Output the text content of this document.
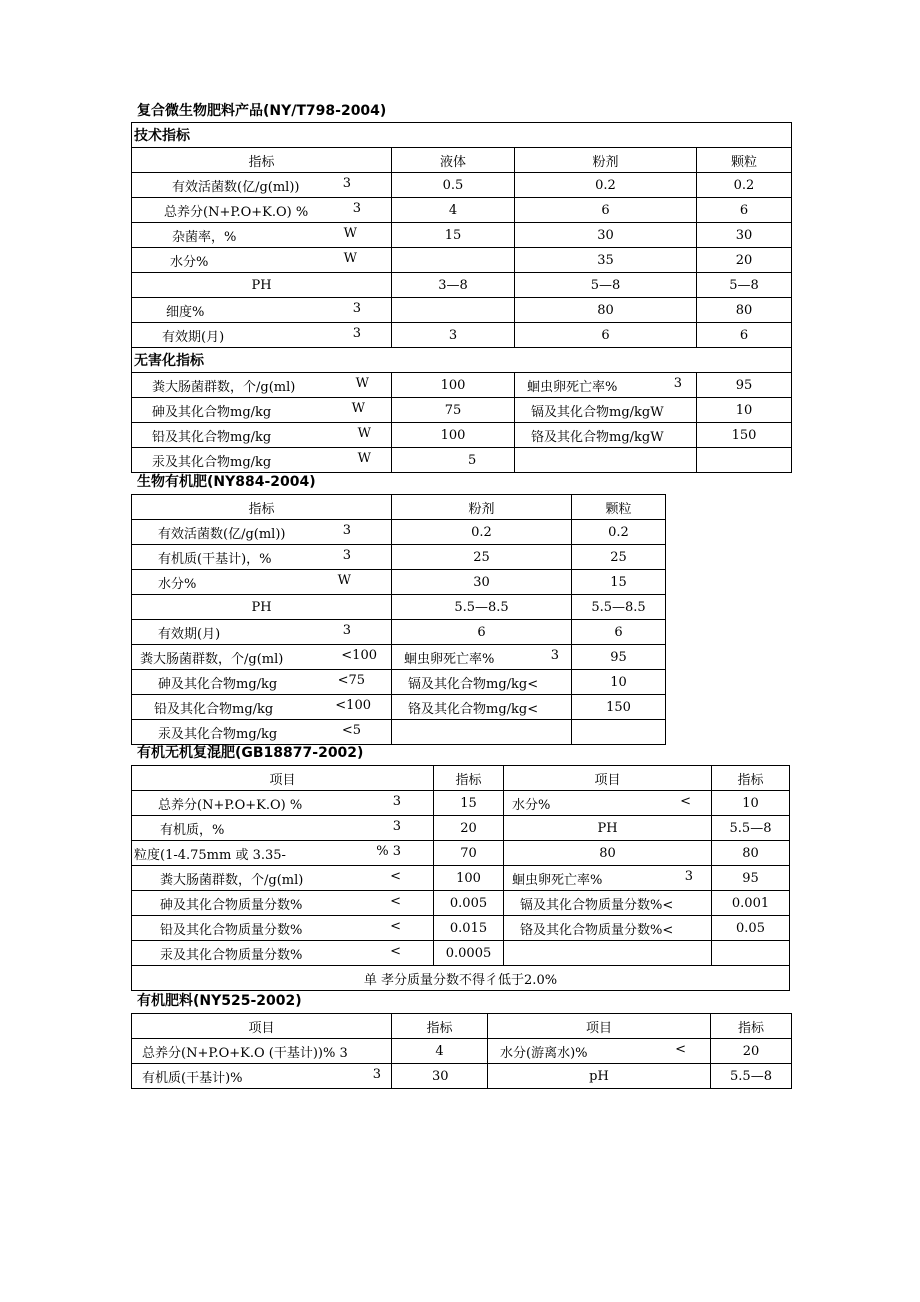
复合微生物肥料产品(NY/T798-2004)
技术指标			
指标	液体	粉剂	颗粒

有效活菌数(亿/g(ml)) 3	0.5	0.2	0.2

总养分(N+P.O+K.O) % 3	4	6	6

杂菌率，% W	15	30	30

水分% W		35	20
PH	3—8	5—8	5—8

细度% 3		80	80

有效期(月) 3	3	6	6
无害化指标			

粪大肠菌群数，个/g(ml) W	100	蛔虫卵死亡率% 3	95

砷及其化合物mg/kg W	75	镉及其化合物mg/kgW	10

铅及其化合物mg/kg W	100	铬及其化合物mg/kgW	150

汞及其化合物mg/kg W	5		
生物有机肥(NY884-2004)
指标	粉剂	颗粒

有效活菌数(亿/g(ml)) 3	0.2	0.2

有机质(干基计)，% 3	25	25

水分% W	30	15
PH	5.5—8.5	5.5—8.5

有效期(月) 3	6	6

粪大肠菌群数，个/g(ml) <100	蛔虫卵死亡率% 3	95

砷及其化合物mg/kg <75	镉及其化合物mg/kg<	10

铅及其化合物mg/kg <100	铬及其化合物mg/kg<	150

汞及其化合物mg/kg <5		

有机无机复混肥(GB18877-2002)
项目	指标	项目	指标

总养分(N+P.O+K.O) % 3	15	水分% <	10

有机质，% 3	20	PH	5.5—8

粒度(1-4.75mm 或 3.35- % 3	70	80	80

粪大肠菌群数，个/g(ml) <	100	蛔虫卵死亡率% 3	95

砷及其化合物质量分数% <	0.005	镉及其化合物质量分数%<	0.001

铅及其化合物质量分数% <	0.015	铬及其化合物质量分数%<	0.05

汞及其化合物质量分数% <	0.0005		
单 孝分质量分数不得彳低于2.0%			
有机肥料(NY525-2002)
项目	指标	项目	指标

总养分(N+P.O+K.O (干基计))% 3	4	水分(游离水)% <	20

有机质(干基计)% 3	30	pH	5.5—8
